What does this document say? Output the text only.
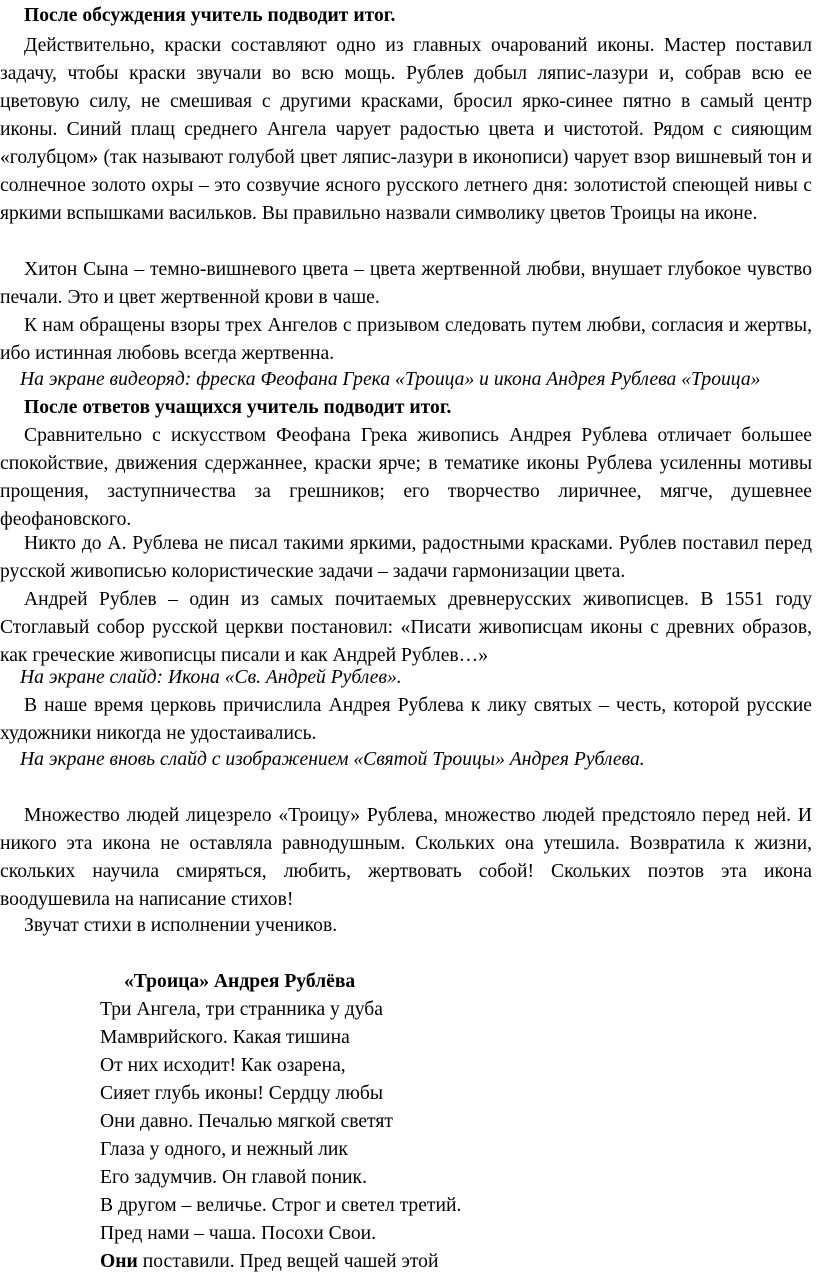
После обсуждения учитель подводит итог.

Действительно, краски составляют одно из главных очарований иконы. Мастер поставил задачу, чтобы краски звучали во всю мощь. Рублев добыл ляпис-лазури и, собрав всю ее цветовую силу, не смешивая с другими красками, бросил ярко-синее пятно в самый центр иконы. Синий плащ среднего Ангела чарует радостью цвета и чистотой. Рядом с сияющим «голубцом» (так называют голубой цвет ляпис-лазури в иконописи) чарует взор вишневый тон и солнечное золото охры – это созвучие ясного русского летнего дня: золотистой спеющей нивы с яркими вспышками васильков. Вы правильно назвали символику цветов Троицы на иконе.

Хитон Сына – темно-вишневого цвета – цвета жертвенной любви, внушает глубокое чувство печали. Это и цвет жертвенной крови в чаше.

К нам обращены взоры трех Ангелов с призывом следовать путем любви, согласия и жертвы, ибо истинная любовь всегда жертвенна.

На экране видеоряд: фреска Феофана Грека «Троица» и икона Андрея Рублева «Троица»

После ответов учащихся учитель подводит итог.

Сравнительно с искусством Феофана Грека живопись Андрея Рублева отличает большее спокойствие, движения сдержаннее, краски ярче; в тематике иконы Рублева усиленны мотивы прощения, заступничества за грешников; его творчество лиричнее, мягче, душевнее феофановского.

Никто до А. Рублева не писал такими яркими, радостными красками. Рублев поставил перед русской живописью колористические задачи – задачи гармонизации цвета.

Андрей Рублев – один из самых почитаемых древнерусских живописцев. В 1551 году Стоглавый собор русской церкви постановил: «Писати живописцам иконы с древних образов, как греческие живописцы писали и как Андрей Рублев…»

На экране слайд: Икона «Св. Андрей Рублев».

В наше время церковь причислила Андрея Рублева к лику святых – честь, которой русские художники никогда не удостаивались.

На экране вновь слайд с изображением «Святой Троицы» Андрея Рублева.

Множество людей лицезрело «Троицу» Рублева, множество людей предстояло перед ней. И никого эта икона не оставляла равнодушным. Скольких она утешила. Возвратила к жизни, скольких научила смиряться, любить, жертвовать собой! Скольких поэтов эта икона воодушевила на написание стихов!

Звучат стихи в исполнении учеников.

«Троица» Андрея Рублёва
Три Ангела, три странника у дуба
Мамврийского. Какая тишина
От них исходит! Как озарена,
Сияет глубь иконы! Сердцу любы
Они давно. Печалью мягкой светят
Глаза у одного, и нежный лик
Его задумчив. Он главой поник.
В другом – величье. Строг и светел третий.
Пред нами – чаша. Посохи Свои.
Они поставили. Пред вещей чашей этой
